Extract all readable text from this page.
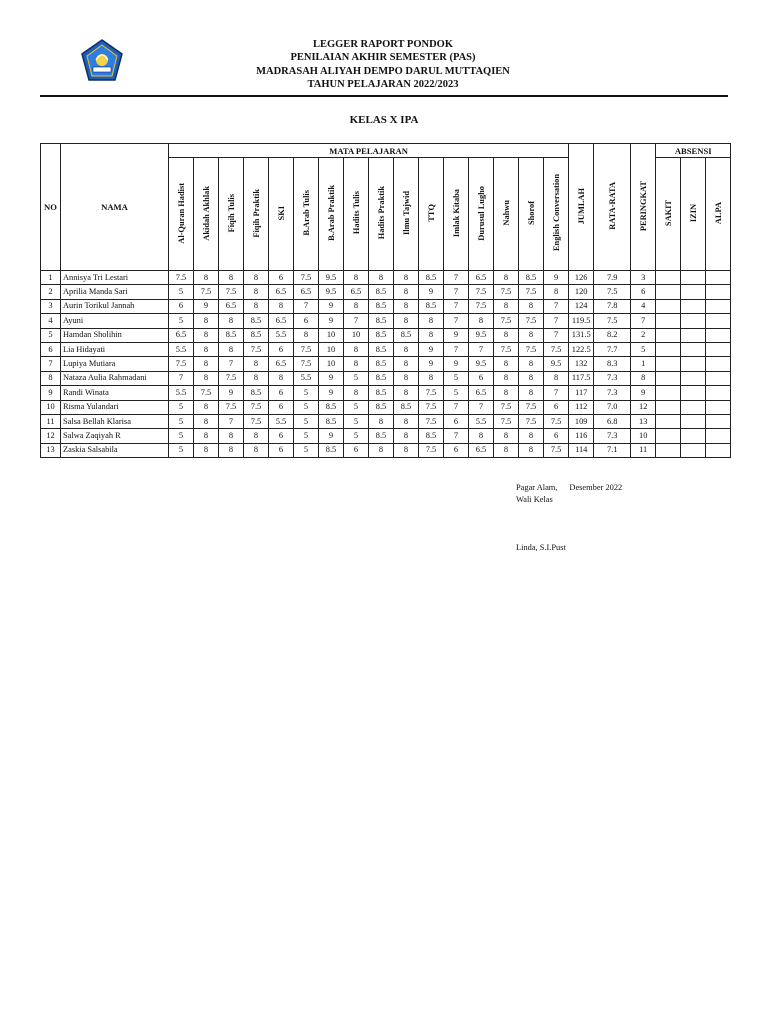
LEGGER RAPORT PONDOK
PENILAIAN AKHIR SEMESTER (PAS)
MADRASAH ALIYAH DEMPO DARUL MUTTAQIEN
TAHUN PELAJARAN 2022/2023
KELAS X IPA
NO	NAMA	MATA PELAJARAN																JUMLAH	RATA-RATA	PERINGKAT	ABSENSI		
		Al-Quran Hadist	Akidah Akhlak	Fiqih Tulis	Fiqih Praktik	SKI	B.Arab Tulis	B.Arab Praktik	Hadits Tulis	Hadits Praktik	Ilmu Tajwid	TTQ	Imlak Kitaba	Durusul Lugho	Nahwu	Shorof	English Conversation				SAKIT	IZIN	ALPA
1	Annisya Tri Lestari	7.5	8	8	8	6	7.5	9.5	8	8	8	8.5	7	6.5	8	8.5	9	126	7.9	3			
2	Aprilia Manda Sari	5	7.5	7.5	8	6.5	6.5	9.5	6.5	8.5	8	9	7	7.5	7.5	7.5	8	120	7.5	6			
3	Aurin Torikul Jannah	6	9	6.5	8	8	7	9	8	8.5	8	8.5	7	7.5	8	8	7	124	7.8	4			
4	Ayuni	5	8	8	8.5	6.5	6	9	7	8.5	8	8	7	8	7.5	7.5	7	119.5	7.5	7			
5	Hamdan Sholihin	6.5	8	8.5	8.5	5.5	8	10	10	8.5	8.5	8	9	9.5	8	8	7	131.5	8.2	2			
6	Lia Hidayati	5.5	8	8	7.5	6	7.5	10	8	8.5	8	9	7	7	7.5	7.5	7.5	122.5	7.7	5			
7	Lupiya Mutiara	7.5	8	7	8	6.5	7.5	10	8	8.5	8	9	9	9.5	8	8	9.5	132	8.3	1			
8	Nataza Aulia Rahmadani	7	8	7.5	8	8	5.5	9	5	8.5	8	8	5	6	8	8	8	117.5	7.3	8			
9	Randi Winata	5.5	7.5	9	8.5	6	5	9	8	8.5	8	7.5	5	6.5	8	8	7	117	7.3	9			
10	Risma Yulandari	5	8	7.5	7.5	6	5	8.5	5	8.5	8.5	7.5	7	7	7.5	7.5	6	112	7.0	12			
11	Salsa Bellah Klarisa	5	8	7	7.5	5.5	5	8.5	5	8	8	7.5	6	5.5	7.5	7.5	7.5	109	6.8	13			
12	Salwa Zaqiyah R	5	8	8	8	6	5	9	5	8.5	8	8.5	7	8	8	8	6	116	7.3	10			
13	Zaskia Salsabila	5	8	8	8	6	5	8.5	6	8	8	7.5	6	6.5	8	8	7.5	114	7.1	11			
Pagar Alam, Desember 2022
Wali Kelas
Linda, S.I.Pust
